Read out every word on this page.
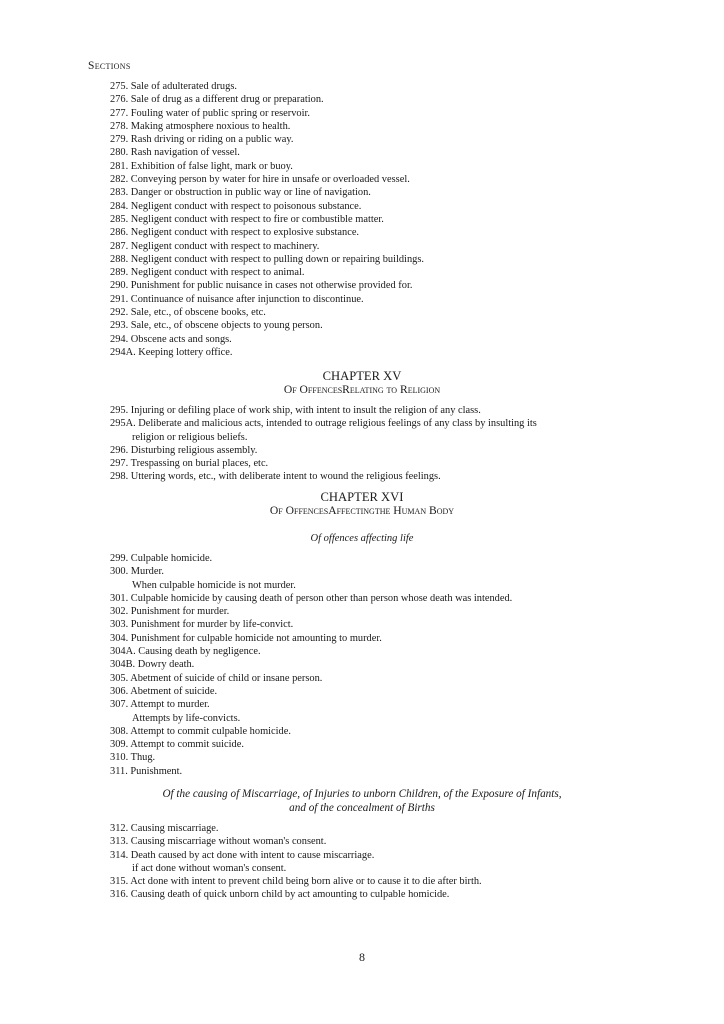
Sections
275. Sale of adulterated drugs.
276. Sale of drug as a different drug or preparation.
277. Fouling water of public spring or reservoir.
278. Making atmosphere noxious to health.
279. Rash driving or riding on a public way.
280. Rash navigation of vessel.
281. Exhibition of false light, mark or buoy.
282. Conveying person by water for hire in unsafe or overloaded vessel.
283. Danger or obstruction in public way or line of navigation.
284. Negligent conduct with respect to poisonous substance.
285. Negligent conduct with respect to fire or combustible matter.
286. Negligent conduct with respect to explosive substance.
287. Negligent conduct with respect to machinery.
288. Negligent conduct with respect to pulling down or repairing buildings.
289. Negligent conduct with respect to animal.
290. Punishment for public nuisance in cases not otherwise provided for.
291. Continuance of nuisance after injunction to discontinue.
292. Sale, etc., of obscene books, etc.
293. Sale, etc., of obscene objects to young person.
294. Obscene acts and songs.
294A. Keeping lottery office.
CHAPTER XV
Of OffencesRelating to Religion
295. Injuring or defiling place of work ship, with intent to insult the religion of any class.
295A. Deliberate and malicious acts, intended to outrage religious feelings of any class by insulting its
religion or religious beliefs.
296. Disturbing religious assembly.
297. Trespassing on burial places, etc.
298. Uttering words, etc., with deliberate intent to wound the religious feelings.
CHAPTER XVI
Of OffencesAffectingthe Human Body
Of offences affecting life
299. Culpable homicide.
300. Murder.
When culpable homicide is not murder.
301. Culpable homicide by causing death of person other than person whose death was intended.
302. Punishment for murder.
303. Punishment for murder by life-convict.
304. Punishment for culpable homicide not amounting to murder.
304A. Causing death by negligence.
304B. Dowry death.
305. Abetment of suicide of child or insane person.
306. Abetment of suicide.
307. Attempt to murder.
Attempts by life-convicts.
308. Attempt to commit culpable homicide.
309. Attempt to commit suicide.
310. Thug.
311. Punishment.
Of the causing of Miscarriage, of Injuries to unborn Children, of the Exposure of Infants,
and of the concealment of Births
312. Causing miscarriage.
313. Causing miscarriage without woman's consent.
314. Death caused by act done with intent to cause miscarriage.
if act done without woman's consent.
315. Act done with intent to prevent child being born alive or to cause it to die after birth.
316. Causing death of quick unborn child by act amounting to culpable homicide.
8
